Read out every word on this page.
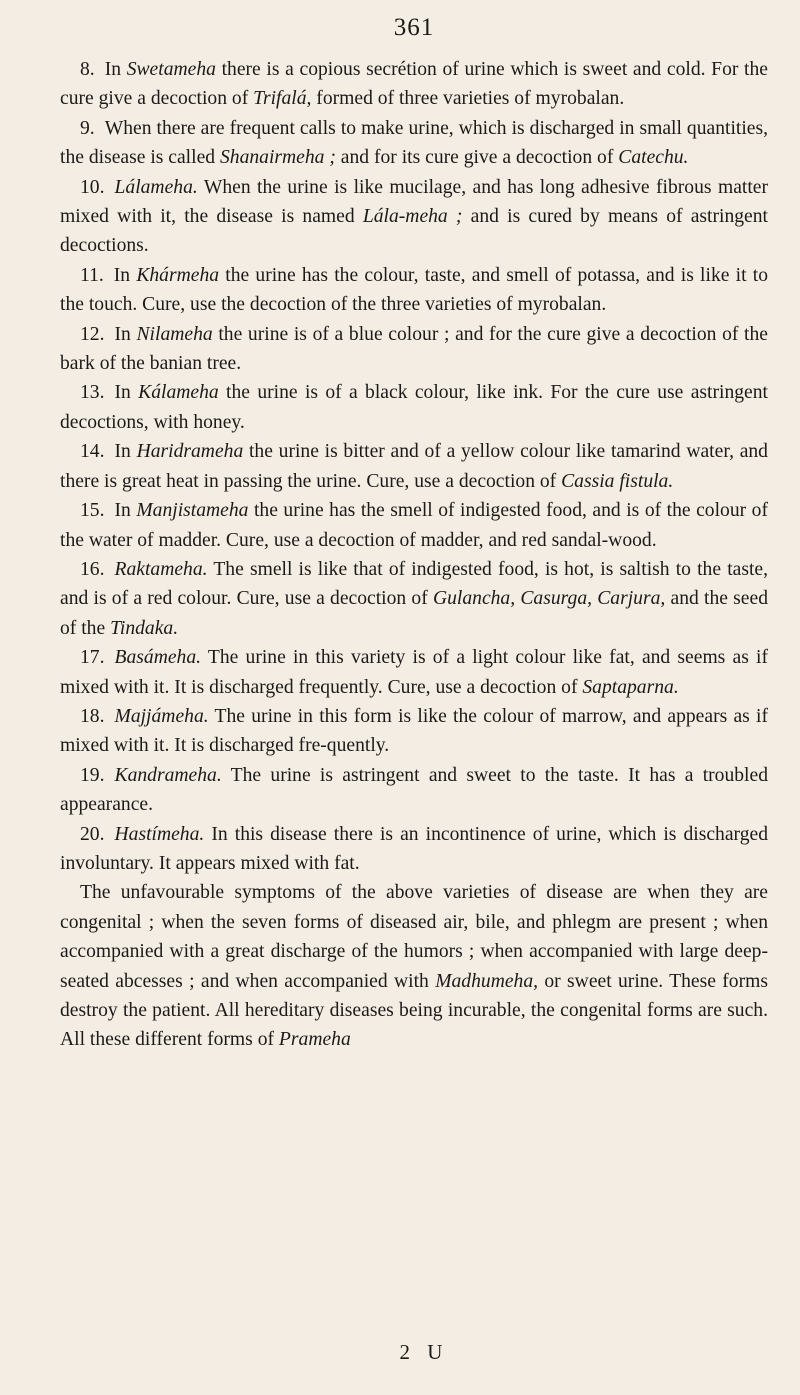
361

8. In Swetameha there is a copious secrétion of urine which is sweet and cold. For the cure give a decoction of Trifalá, formed of three varieties of myrobalan.

9. When there are frequent calls to make urine, which is discharged in small quantities, the disease is called Shanairmeha ; and for its cure give a decoction of Catechu.

10. Lálameha. When the urine is like mucilage, and has long adhesive fibrous matter mixed with it, the disease is named Lála-meha ; and is cured by means of astringent decoctions.

11. In Khármeha the urine has the colour, taste, and smell of potassa, and is like it to the touch. Cure, use the decoction of the three varieties of myrobalan.

12. In Nilameha the urine is of a blue colour ; and for the cure give a decoction of the bark of the banian tree.

13. In Kálameha the urine is of a black colour, like ink. For the cure use astringent decoctions, with honey.

14. In Haridrameha the urine is bitter and of a yellow colour like tamarind water, and there is great heat in passing the urine. Cure, use a decoction of Cassia fistula.

15. In Manjistameha the urine has the smell of indigested food, and is of the colour of the water of madder. Cure, use a decoction of madder, and red sandal-wood.

16. Raktameha. The smell is like that of indigested food, is hot, is saltish to the taste, and is of a red colour. Cure, use a decoction of Gulancha, Casurga, Carjura, and the seed of the Tindaka.

17. Basámeha. The urine in this variety is of a light colour like fat, and seems as if mixed with it. It is discharged frequently. Cure, use a decoction of Saptaparna.

18. Majjámeha. The urine in this form is like the colour of marrow, and appears as if mixed with it. It is discharged fre-quently.

19. Kandrameha. The urine is astringent and sweet to the taste. It has a troubled appearance.

20. Hastímeha. In this disease there is an incontinence of urine, which is discharged involuntary. It appears mixed with fat.

The unfavourable symptoms of the above varieties of disease are when they are congenital ; when the seven forms of diseased air, bile, and phlegm are present ; when accompanied with a great discharge of the humors ; when accompanied with large deep-seated abcesses ; and when accompanied with Madhumeha, or sweet urine. These forms destroy the patient. All hereditary diseases being incurable, the congenital forms are such. All these different forms of Prameha

2 U
